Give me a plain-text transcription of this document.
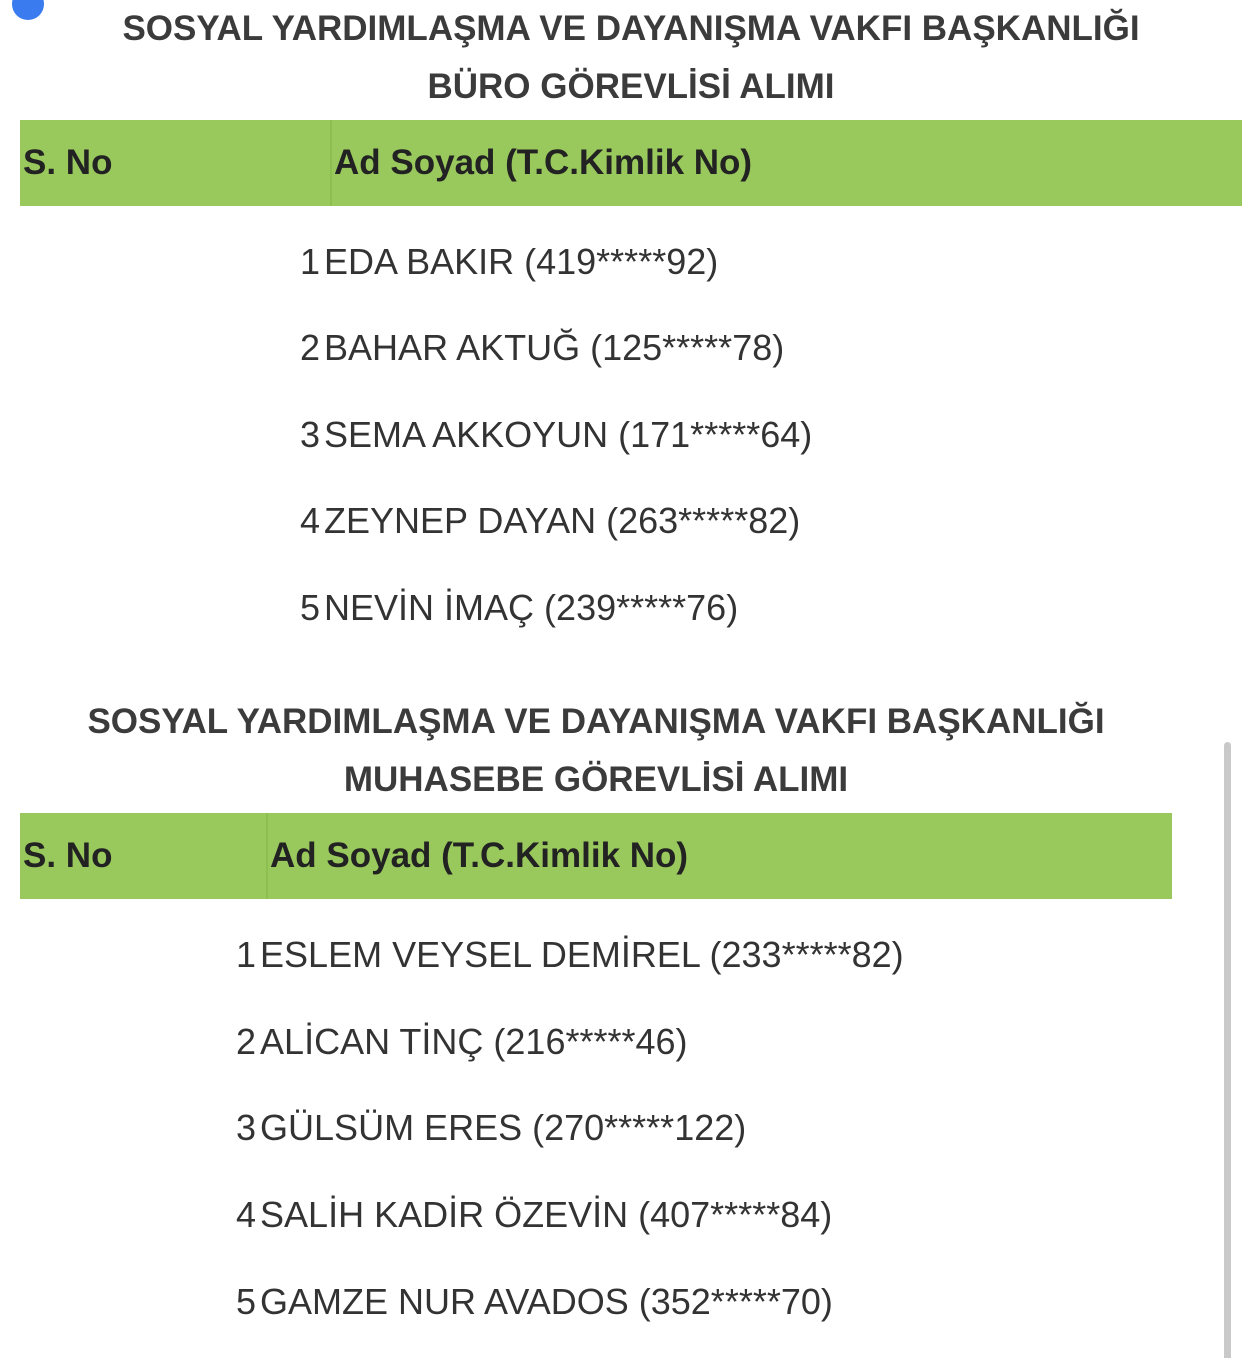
SOSYAL YARDIMLAŞMA VE DAYANIŞMA VAKFI BAŞKANLIĞI
BÜRO GÖREVLİSİ ALIMI
S. No	Ad Soyad (T.C.Kimlik No)
1 EDA BAKIR (419*****92)
2 BAHAR AKTUĞ (125*****78)
3 SEMA AKKOYUN (171*****64)
4 ZEYNEP DAYAN (263*****82)
5 NEVİN İMAÇ (239*****76)
SOSYAL YARDIMLAŞMA VE DAYANIŞMA VAKFI BAŞKANLIĞI
MUHASEBE GÖREVLİSİ ALIMI
S. No	Ad Soyad (T.C.Kimlik No)
1 ESLEM VEYSEL DEMİREL (233*****82)
2 ALİCAN TİNÇ (216*****46)
3 GÜLSÜM ERES (270*****122)
4 SALİH KADİR ÖZEVİN (407*****84)
5 GAMZE NUR AVADOS (352*****70)
